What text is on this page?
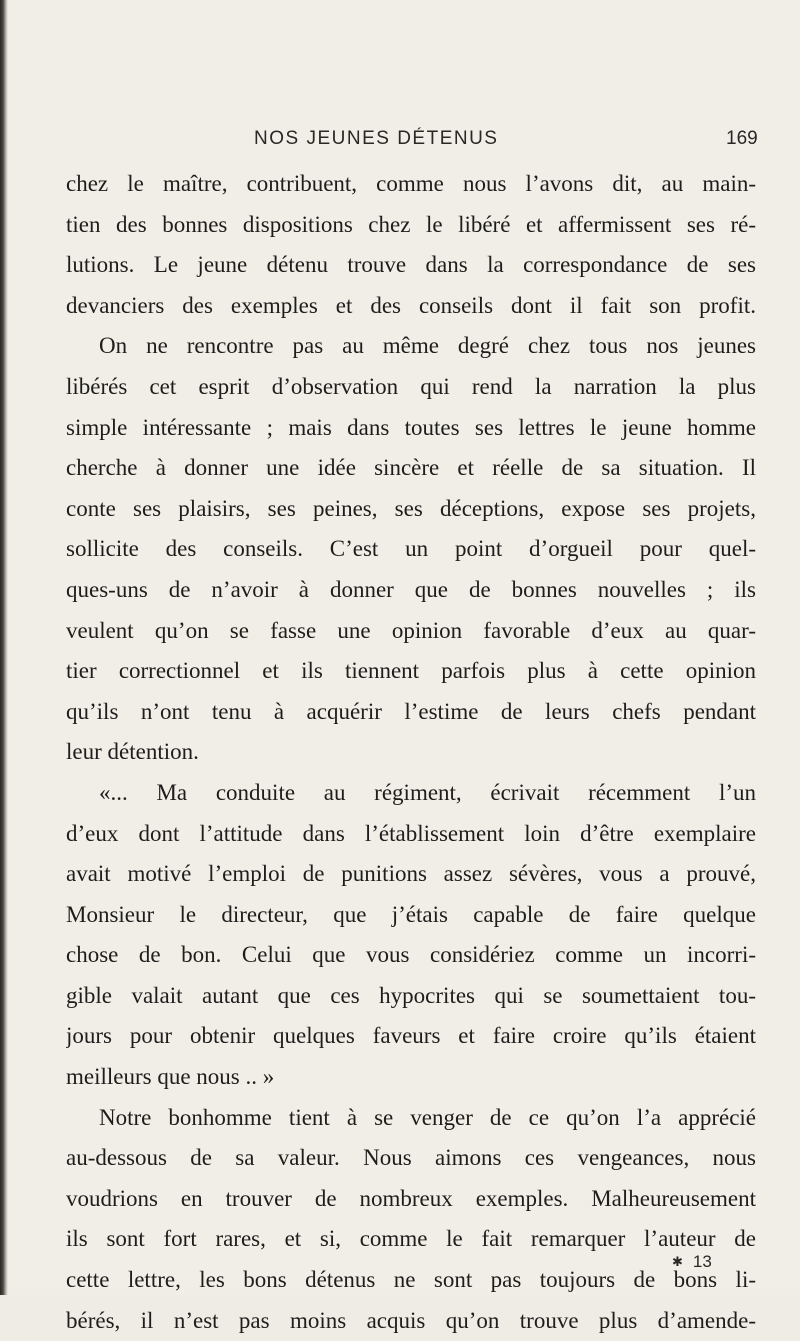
NOS JEUNES DÉTENUS	169
chez le maître, contribuent, comme nous l’avons dit, au main-
tien des bonnes dispositions chez le libéré et affermissent ses ré-
lutions. Le jeune détenu trouve dans la correspondance de ses
devanciers des exemples et des conseils dont il fait son profit.
On ne rencontre pas au même degré chez tous nos jeunes
libérés cet esprit d’observation qui rend la narration la plus
simple intéressante ; mais dans toutes ses lettres le jeune homme
cherche à donner une idée sincère et réelle de sa situation. Il
conte ses plaisirs, ses peines, ses déceptions, expose ses projets,
sollicite des conseils. C’est un point d’orgueil pour quel-
ques-uns de n’avoir à donner que de bonnes nouvelles ; ils
veulent qu’on se fasse une opinion favorable d’eux au quar-
tier correctionnel et ils tiennent parfois plus à cette opinion
qu’ils n’ont tenu à acquérir l’estime de leurs chefs pendant
leur détention.
«... Ma conduite au régiment, écrivait récemment l’un
d’eux dont l’attitude dans l’établissement loin d’être exemplaire
avait motivé l’emploi de punitions assez sévères, vous a prouvé,
Monsieur le directeur, que j’étais capable de faire quelque
chose de bon. Celui que vous considériez comme un incorri-
gible valait autant que ces hypocrites qui se soumettaient tou-
jours pour obtenir quelques faveurs et faire croire qu’ils étaient
meilleurs que nous .. »
Notre bonhomme tient à se venger de ce qu’on l’a apprécié
au-dessous de sa valeur. Nous aimons ces vengeances, nous
voudrions en trouver de nombreux exemples. Malheureusement
ils sont fort rares, et si, comme le fait remarquer l’auteur de
cette lettre, les bons détenus ne sont pas toujours de bons li-
bérés, il n’est pas moins acquis qu’on trouve plus d’amende-
✱ 13
